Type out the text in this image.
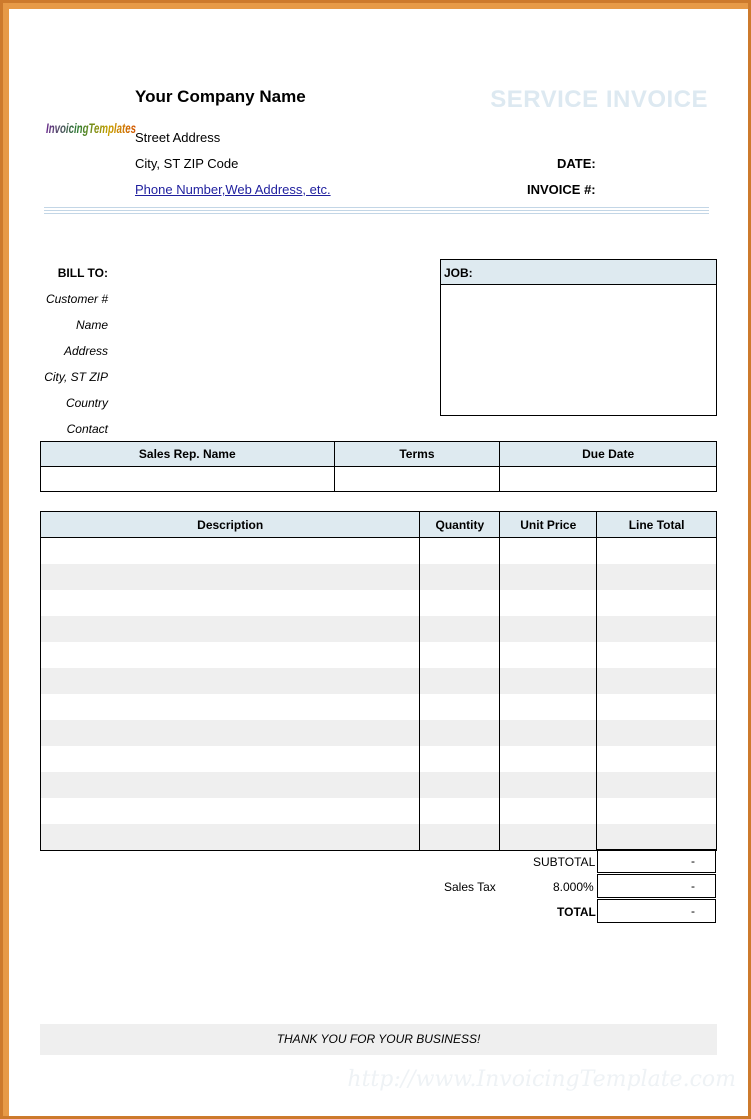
InvoicingTemplates
Your Company Name
Street Address
City, ST ZIP Code
Phone Number,Web Address, etc.
SERVICE INVOICE
DATE:
INVOICE #:
BILL TO:
Customer #
Name
Address
City, ST ZIP
Country
Contact
JOB:
Sales Rep. Name	Terms	Due Date

Description	Quantity	Unit Price	Line Total

SUBTOTAL	-
Sales Tax	8.000%	-
TOTAL	-
THANK YOU FOR YOUR BUSINESS!
http://www.InvoicingTemplate.com
